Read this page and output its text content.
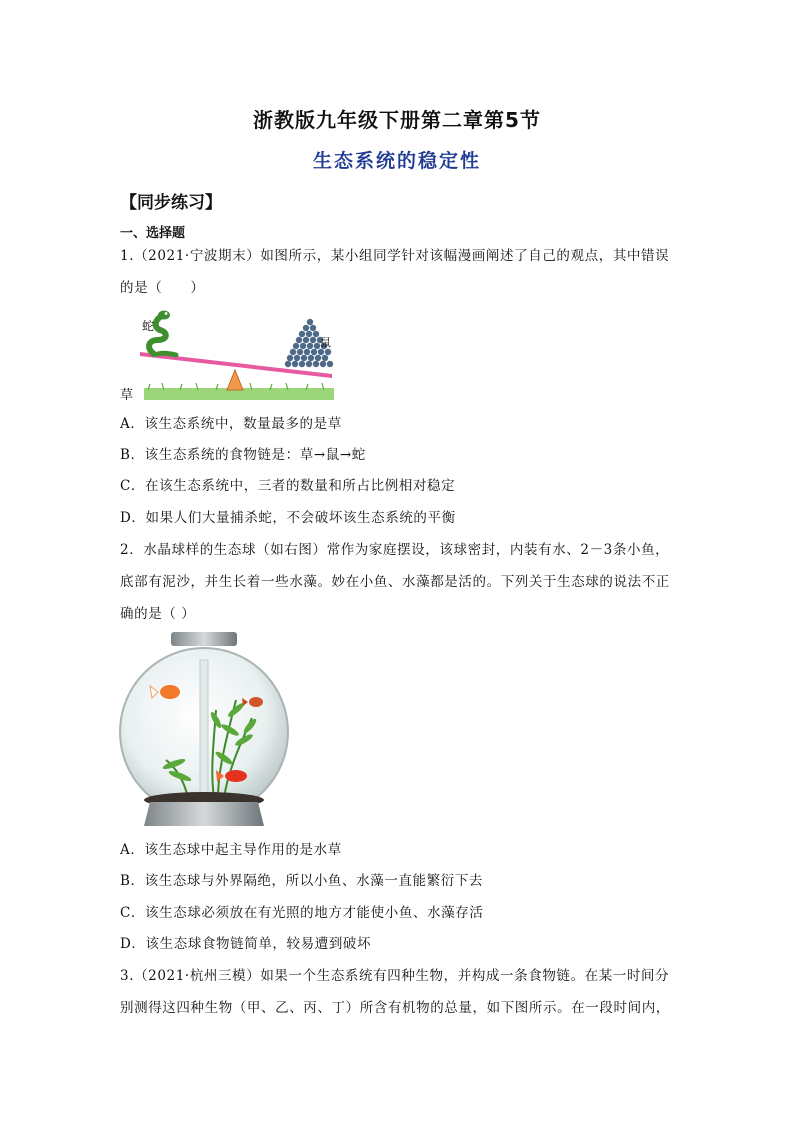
浙教版九年级下册第二章第5节
生态系统的稳定性
【同步练习】
一、选择题
1.（2021·宁波期末）如图所示，某小组同学针对该幅漫画阐述了自己的观点，其中错误
的是（　　）
蛇
鼠
草
A．该生态系统中，数量最多的是草
B．该生态系统的食物链是：草→鼠→蛇
C．在该生态系统中，三者的数量和所占比例相对稳定
D．如果人们大量捕杀蛇，不会破坏该生态系统的平衡
2．水晶球样的生态球（如右图）常作为家庭摆设，该球密封，内装有水、2－3条小鱼，
底部有泥沙，并生长着一些水藻。妙在小鱼、水藻都是活的。下列关于生态球的说法不正
确的是（ ）
A．该生态球中起主导作用的是水草
B．该生态球与外界隔绝，所以小鱼、水藻一直能繁衍下去
C．该生态球必须放在有光照的地方才能使小鱼、水藻存活
D．该生态球食物链简单，较易遭到破坏
3.（2021·杭州三模）如果一个生态系统有四种生物，并构成一条食物链。在某一时间分
别测得这四种生物（甲、乙、丙、丁）所含有机物的总量，如下图所示。在一段时间内，
